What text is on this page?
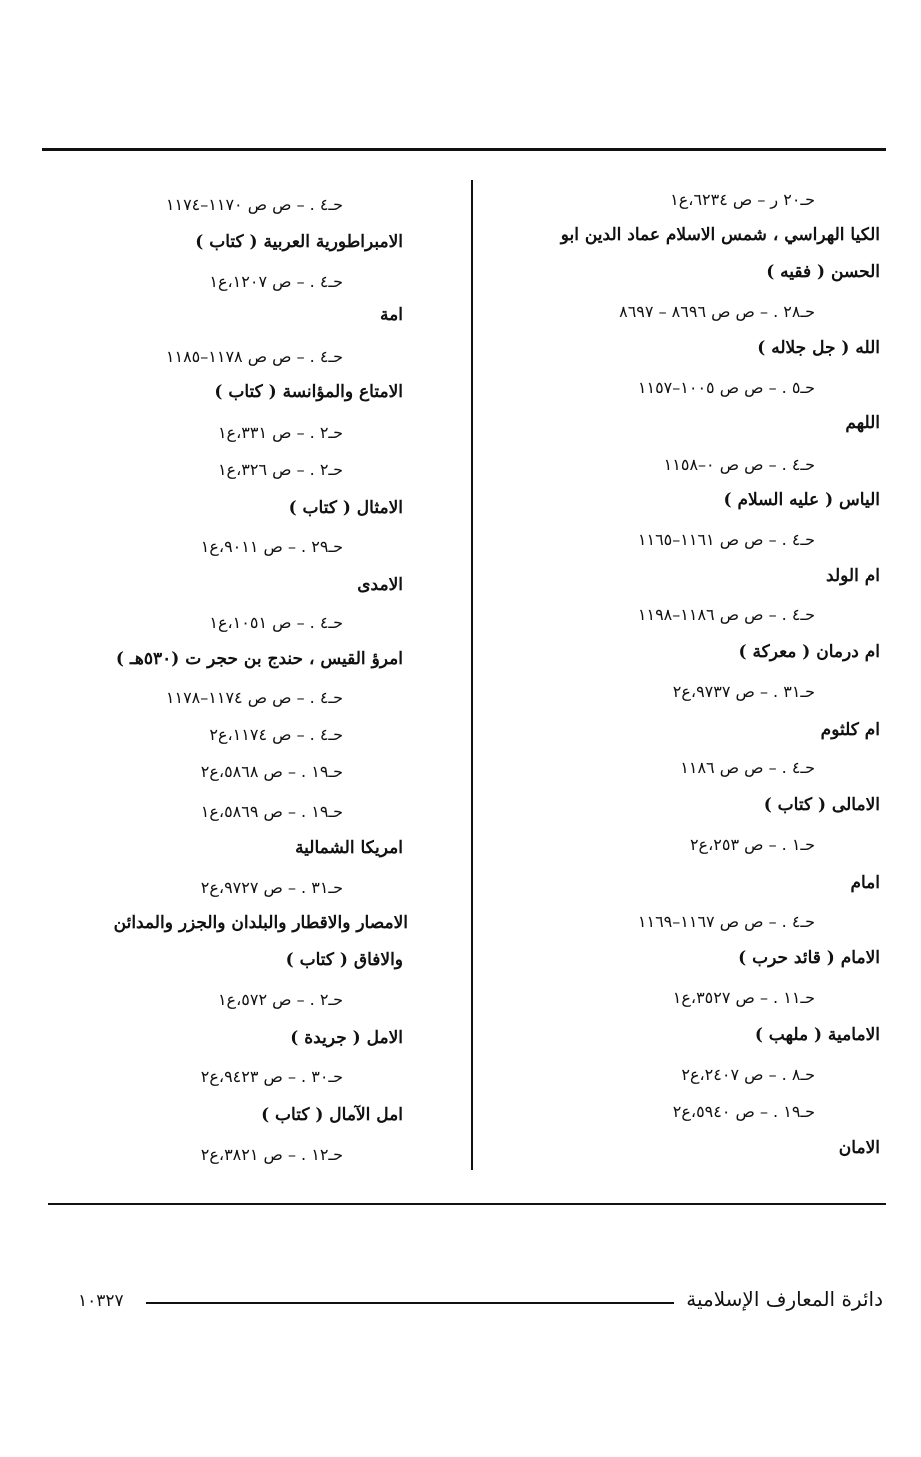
حـ٢٠ ر – ص ٦٢٣٤،ع١
الكيا الهراسي ، شمس الاسلام عماد الدين ابو
الحسن ( فقيه )
حـ٢٨ . – ص ص ٨٦٩٦ – ٨٦٩٧
الله ( جل جلاله )
حـ٥ . – ص ص ١٠٠٥–١١٥٧
اللهم
حـ٤ . – ص ص ٠–١١٥٨
الياس ( عليه السلام )
حـ٤ . – ص ص ١١٦١–١١٦٥
ام الولد
حـ٤ . – ص ص ١١٨٦–١١٩٨
ام درمان ( معركة )
حـ٣١ . – ص ٩٧٣٧،ع٢
ام كلثوم
حـ٤ . – ص ص ١١٨٦
الامالى ( كتاب )
حـ١ . – ص ٢٥٣،ع٢
امام
حـ٤ . – ص ص ١١٦٧–١١٦٩
الامام ( قائد حرب )
حـ١١ . – ص ٣٥٢٧،ع١
الامامية ( ملهب )
حـ٨ . – ص ٢٤٠٧،ع٢
حـ١٩ . – ص ٥٩٤٠،ع٢
الامان
حـ٤ . – ص ص ١١٧٠–١١٧٤
الامبراطورية العربية ( كتاب )
حـ٤ . – ص ١٢٠٧،ع١
امة
حـ٤ . – ص ص ١١٧٨–١١٨٥
الامتاع والمؤانسة ( كتاب )
حـ٢ . – ص ٣٣١،ع١
حـ٢ . – ص ٣٢٦،ع١
الامثال ( كتاب )
حـ٢٩ . – ص ٩٠١١،ع١
الامدى
حـ٤ . – ص ١٠٥١،ع١
امرؤ القيس ، حندج بن حجر ت (٥٣٠هـ )
حـ٤ . – ص ص ١١٧٤–١١٧٨
حـ٤ . – ص ١١٧٤،ع٢
حـ١٩ . – ص ٥٨٦٨،ع٢
حـ١٩ . – ص ٥٨٦٩،ع١
امريكا الشمالية
حـ٣١ . – ص ٩٧٢٧،ع٢
الامصار والاقطار والبلدان والجزر والمدائن
والافاق ( كتاب )
حـ٢ . – ص ٥٧٢،ع١
الامل ( جريدة )
حـ٣٠ . – ص ٩٤٢٣،ع٢
امل الآمال ( كتاب )
حـ١٢ . – ص ٣٨٢١،ع٢
دائرة المعارف الإسلامية
١٠٣٢٧
